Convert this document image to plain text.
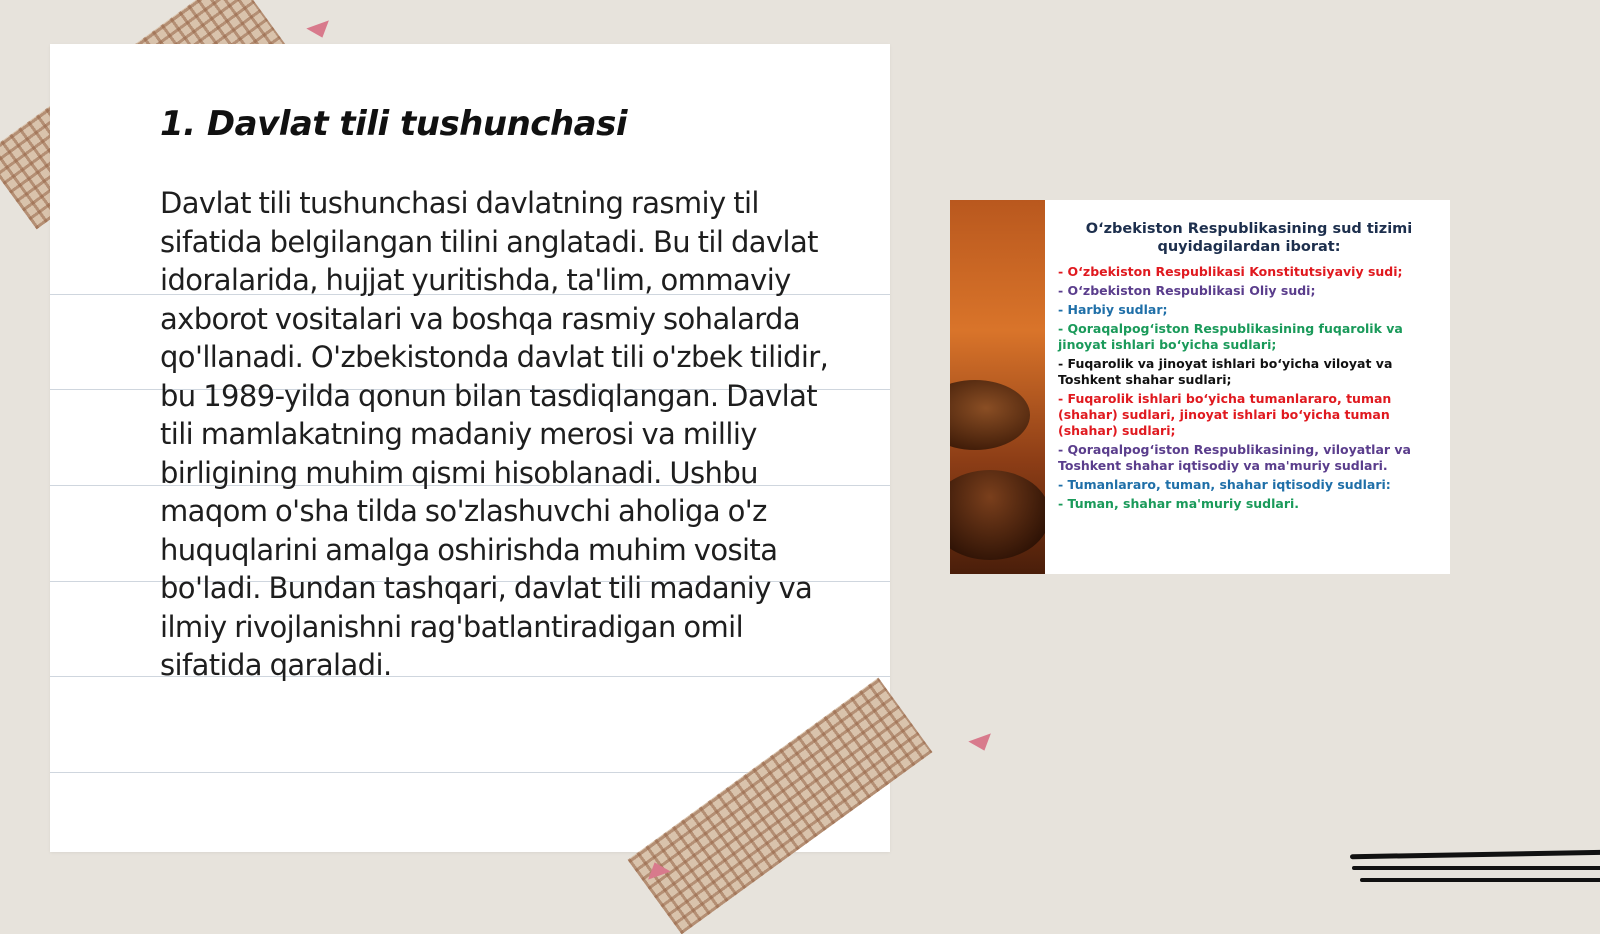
1. Davlat tili tushunchasi

Davlat tili tushunchasi davlatning rasmiy til sifatida belgilangan tilini anglatadi. Bu til davlat idoralarida, hujjat yuritishda, ta'lim, ommaviy axborot vositalari va boshqa rasmiy sohalarda qo'llanadi. O'zbekistonda davlat tili o'zbek tilidir, bu 1989-yilda qonun bilan tasdiqlangan. Davlat tili mamlakatning madaniy merosi va milliy birligining muhim qismi hisoblanadi. Ushbu maqom o'sha tilda so'zlashuvchi aholiga o'z huquqlarini amalga oshirishda muhim vosita bo'ladi. Bundan tashqari, davlat tili madaniy va ilmiy rivojlanishni rag'batlantiradigan omil sifatida qaraladi.

O‘zbekiston Respublikasining sud tizimi quyidagilardan iborat:

- O‘zbekiston Respublikasi Konstitutsiyaviy sudi;

- O‘zbekiston Respublikasi Oliy sudi;

- Harbiy sudlar;

- Qoraqalpog‘iston Respublikasining fuqarolik va jinoyat ishlari bo‘yicha sudlari;

- Fuqarolik va jinoyat ishlari bo‘yicha viloyat va Toshkent shahar sudlari;

- Fuqarolik ishlari bo‘yicha tumanlararo, tuman (shahar) sudlari, jinoyat ishlari bo‘yicha tuman (shahar) sudlari;

- Qoraqalpog‘iston Respublikasining, viloyatlar va Toshkent shahar iqtisodiy va ma'muriy sudlari.

- Tumanlararo, tuman, shahar iqtisodiy sudlari:

- Tuman, shahar ma'muriy sudlari.
